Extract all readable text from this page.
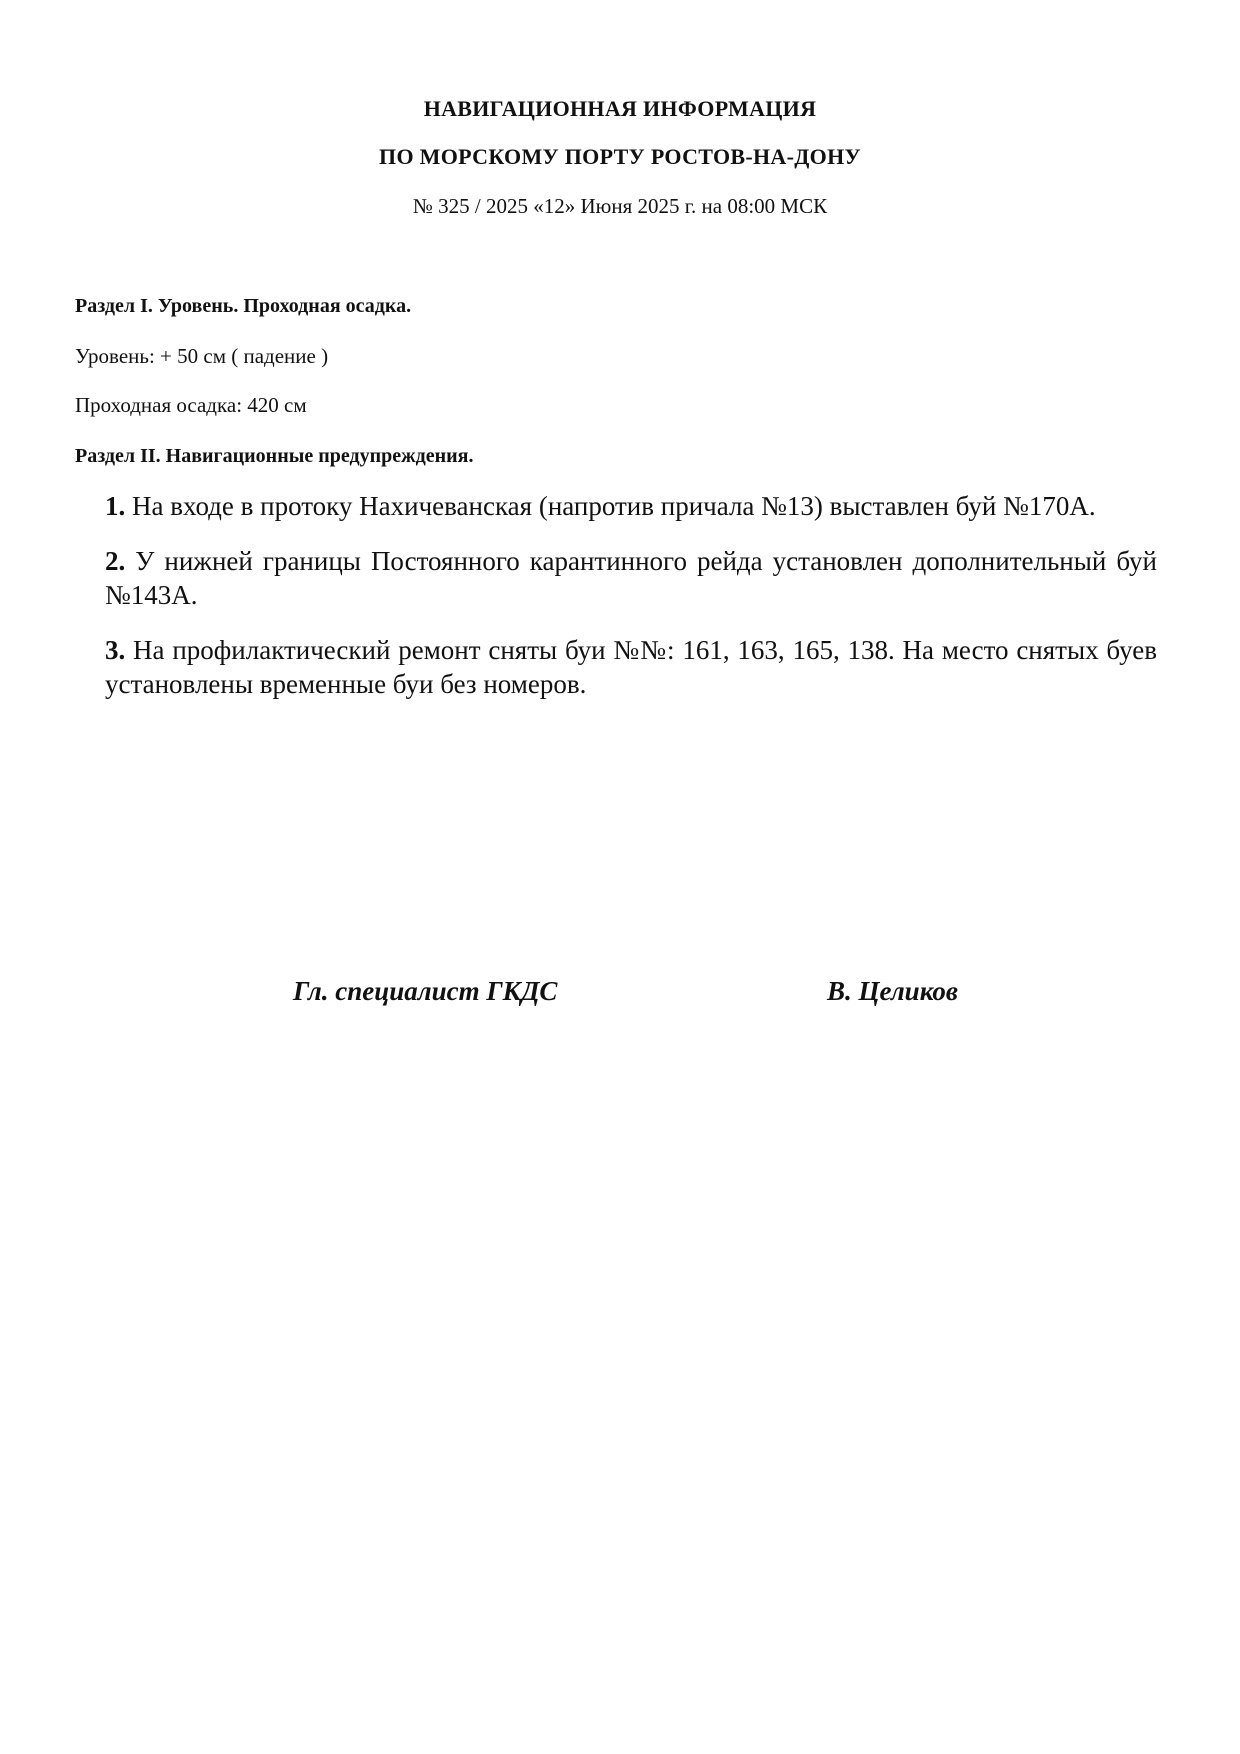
НАВИГАЦИОННАЯ ИНФОРМАЦИЯ
ПО МОРСКОМУ ПОРТУ РОСТОВ-НА-ДОНУ
№ 325 / 2025 «12» Июня 2025 г. на 08:00 МСК
Раздел I. Уровень. Проходная осадка.
Уровень: + 50 см ( падение )
Проходная осадка: 420 см
Раздел II. Навигационные предупреждения.

1. На входе в протоку Нахичеванская (напротив причала №13) выставлен буй №170А.

2. У нижней границы Постоянного карантинного рейда установлен дополнительный буй №143А.

3. На профилактический ремонт сняты буи №№: 161, 163, 165, 138. На место снятых буев установлены временные буи без номеров.

Гл. специалист ГКДС	В. Целиков
